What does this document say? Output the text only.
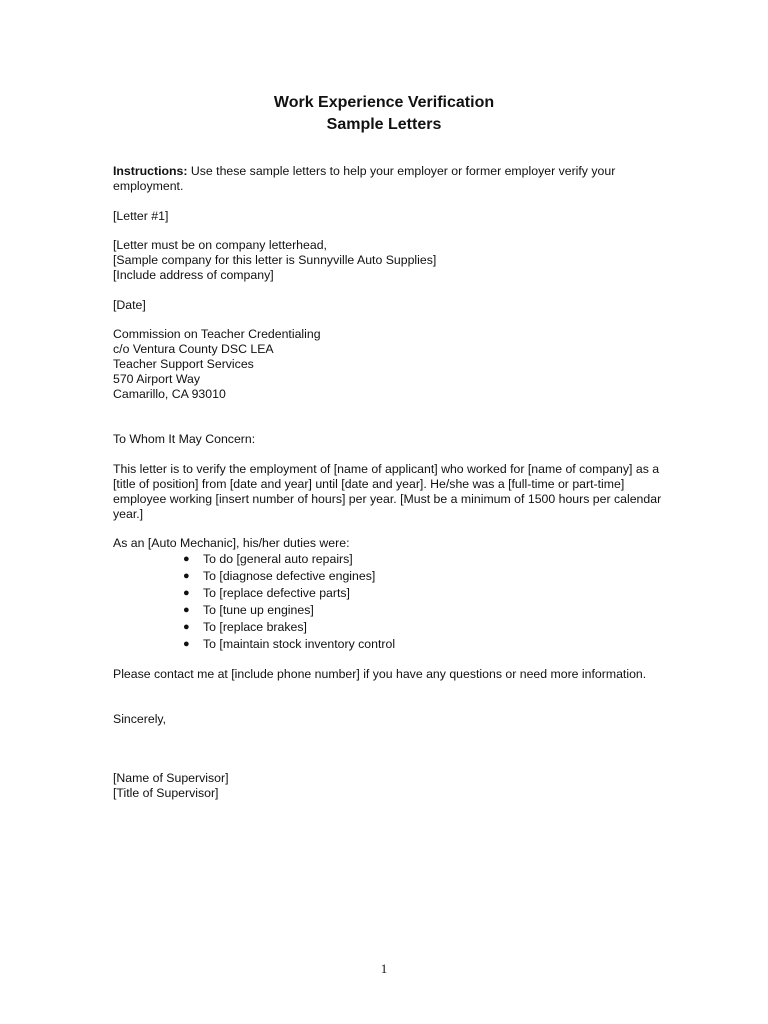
Work Experience Verification
Sample Letters

Instructions: Use these sample letters to help your employer or former employer verify your employment.

[Letter #1]

[Letter must be on company letterhead,

[Sample company for this letter is Sunnyville Auto Supplies]

[Include address of company]

[Date]

Commission on Teacher Credentialing

c/o Ventura County DSC LEA

Teacher Support Services

570 Airport Way

Camarillo, CA 93010

To Whom It May Concern:
This letter is to verify the employment of [name of applicant] who worked for [name of company] as a [title of position] from [date and year] until [date and year]. He/she was a [full-time or part-time] employee working [insert number of hours] per year. [Must be a minimum of 1500 hours per calendar year.]
As an [Auto Mechanic], his/her duties were:
● To do [general auto repairs]
● To [diagnose defective engines]
● To [replace defective parts]
● To [tune up engines]
● To [replace brakes]
● To [maintain stock inventory control
Please contact me at [include phone number] if you have any questions or need more information.
Sincerely,

[Name of Supervisor]

[Title of Supervisor]

1
